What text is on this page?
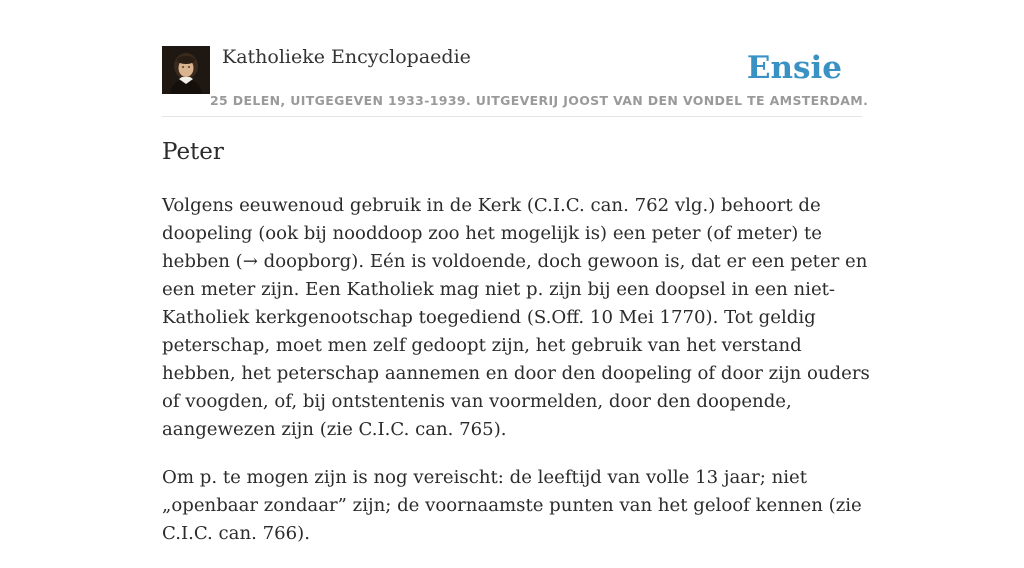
Katholieke Encyclopaedie
25 DELEN, UITGEGEVEN 1933-1939. UITGEVERIJ JOOST VAN DEN VONDEL TE AMSTERDAM.
Ensie
Peter

Volgens eeuwenoud gebruik in de Kerk (C.I.C. can. 762 vlg.) behoort de doopeling (ook bij nooddoop zoo het mogelijk is) een peter (of meter) te hebben (→ doopborg). Eén is voldoende, doch gewoon is, dat er een peter en een meter zijn. Een Katholiek mag niet p. zijn bij een doopsel in een niet-Katholiek kerkgenootschap toegediend (S.Off. 10 Mei 1770). Tot geldig peterschap, moet men zelf gedoopt zijn, het gebruik van het verstand hebben, het peterschap aannemen en door den doopeling of door zijn ouders of voogden, of, bij ontstentenis van voormelden, door den doopende, aangewezen zijn (zie C.I.C. can. 765).

Om p. te mogen zijn is nog vereischt: de leeftijd van volle 13 jaar; niet „openbaar zondaar” zijn; de voornaamste punten van het geloof kennen (zie C.I.C. can. 766).
